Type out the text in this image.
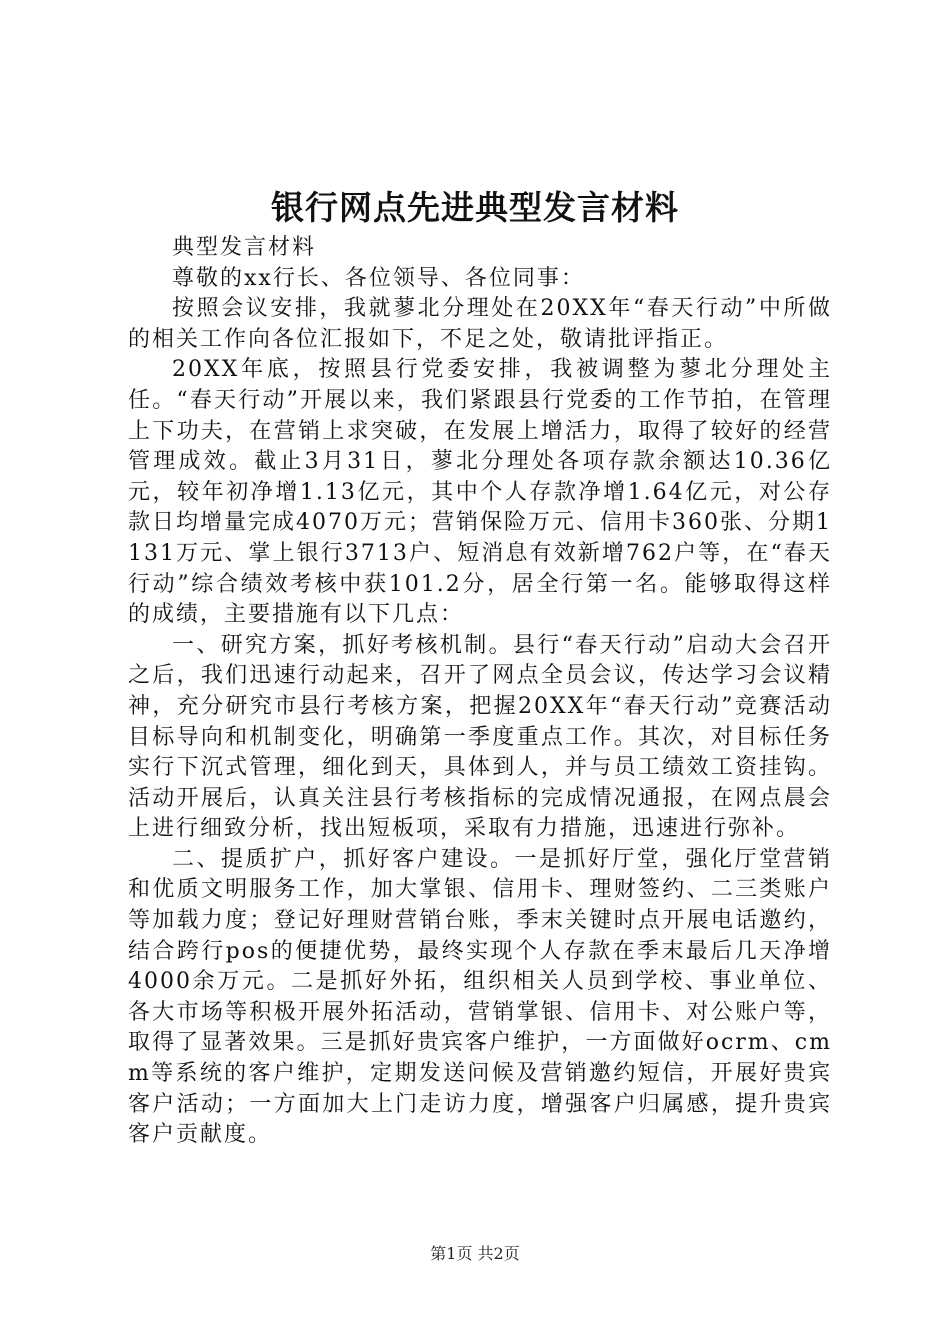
银行网点先进典型发言材料

典型发言材料

尊敬的xx行长、各位领导、各位同事：

按照会议安排，我就蓼北分理处在20XX年“春天行动”中所做的相关工作向各位汇报如下，不足之处，敬请批评指正。

20XX年底，按照县行党委安排，我被调整为蓼北分理处主任。“春天行动”开展以来，我们紧跟县行党委的工作节拍，在管理上下功夫，在营销上求突破，在发展上增活力，取得了较好的经营管理成效。截止3月31日，蓼北分理处各项存款余额达10.36亿元，较年初净增1.13亿元，其中个人存款净增1.64亿元，对公存款日均增量完成4070万元；营销保险万元、信用卡360张、分期1131万元、掌上银行3713户、短消息有效新增762户等，在“春天行动”综合绩效考核中获101.2分，居全行第一名。能够取得这样的成绩，主要措施有以下几点：

一、研究方案，抓好考核机制。县行“春天行动”启动大会召开之后，我们迅速行动起来，召开了网点全员会议，传达学习会议精神，充分研究市县行考核方案，把握20XX年“春天行动”竞赛活动目标导向和机制变化，明确第一季度重点工作。其次，对目标任务实行下沉式管理，细化到天，具体到人，并与员工绩效工资挂钩。活动开展后，认真关注县行考核指标的完成情况通报，在网点晨会上进行细致分析，找出短板项，采取有力措施，迅速进行弥补。

二、提质扩户，抓好客户建设。一是抓好厅堂，强化厅堂营销和优质文明服务工作，加大掌银、信用卡、理财签约、二三类账户等加载力度；登记好理财营销台账，季末关键时点开展电话邀约，结合跨行pos的便捷优势，最终实现个人存款在季末最后几天净增4000余万元。二是抓好外拓，组织相关人员到学校、事业单位、各大市场等积极开展外拓活动，营销掌银、信用卡、对公账户等，取得了显著效果。三是抓好贵宾客户维护，一方面做好ocrm、cmm等系统的客户维护，定期发送问候及营销邀约短信，开展好贵宾客户活动；一方面加大上门走访力度，增强客户归属感，提升贵宾客户贡献度。

第1页 共2页
